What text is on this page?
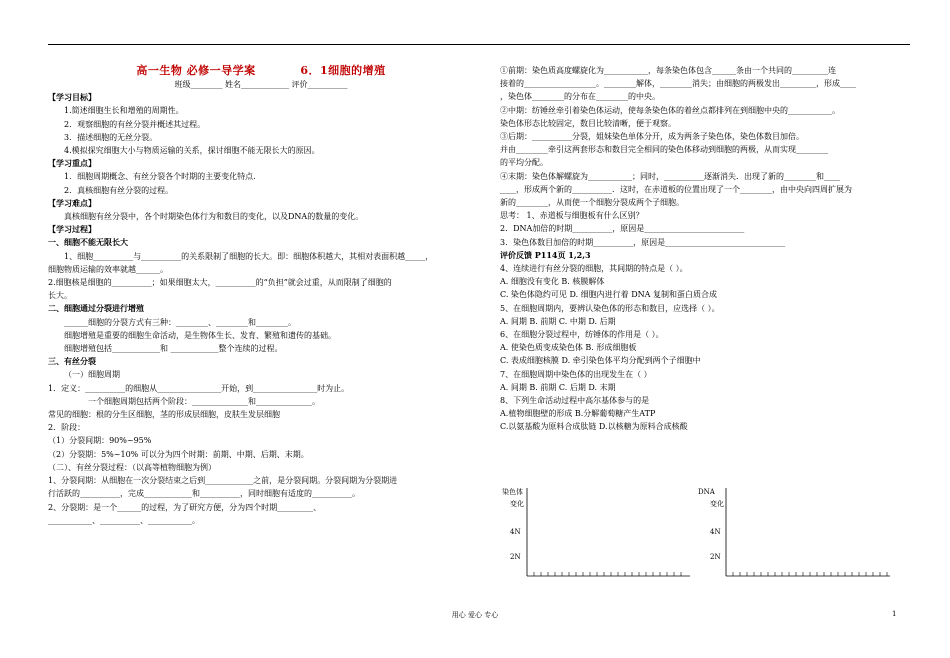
高一生物 必修一导学案	6．1细胞的增殖
班级________ 姓名____________ 评价__________
【学习目标】
1.简述细胞生长和增殖的周期性。
2．观察细胞的有丝分裂并概述其过程。
3．描述细胞的无丝分裂。
4.模拟探究细胞大小与物质运输的关系，探讨细胞不能无限长大的原因。
【学习重点】
1．细胞周期概念、有丝分裂各个时期的主要变化特点.
2．真核细胞有丝分裂的过程。
【学习难点】
真核细胞有丝分裂中，各个时期染色体行为和数目的变化，以及DNA的数量的变化。
【学习过程】
一、细胞不能无限长大
1、细胞__________与__________的关系限制了细胞的长大。即：细胞体积越大，其相对表面积越_____，
细胞物质运输的效率就越______。
2.细胞核是细胞的__________；如果细胞太大，__________的“负担”就会过重，从而限制了细胞的
长大。
二、细胞通过分裂进行增殖
______细胞的分裂方式有三种：________、________和________。
细胞增殖是重要的细胞生命活动，是生物体生长、发育、繁殖和遗传的基础。
细胞增殖包括____________和 ____________整个连续的过程。
三、有丝分裂
（一）细胞周期
1．定义：__________的细胞从________________开始，到________________时为止。
一个细胞周期包括两个阶段：______________和______________。
常见的细胞：根的分生区细胞，茎的形成层细胞，皮肤生发层细胞
2．阶段：
（1）分裂间期：90%~95%
（2）分裂期：5%~10% 可以分为四个时期：前期、中期、后期、末期。
（二）、有丝分裂过程：（以高等植物细胞为例）
1、分裂间期：从细胞在一次分裂结束之后到____________之前，是分裂间期。分裂间期为分裂期进
行活跃的__________，完成____________和__________，同时细胞有适度的__________。
2、分裂期：是一个______的过程，为了研究方便，分为四个时期_________、
___________、__________、___________。
①前期：染色质高度螺旋化为___________，每条染色体包含______条由一个共同的_________连
接着的__________________。________解体，________消失；由细胞的两极发出_________，形成____
，染色体________的分布在________的中央。
②中期：纺锤丝牵引着染色体运动，使每条染色体的着丝点都排列在到细胞中央的___________。
染色体形态比较固定，数目比较清晰，便于观察。
③后期：__________分裂，姐妹染色单体分开，成为两条子染色体，染色体数目加倍。
并由________牵引这两套形态和数目完全相同的染色体移动到细胞的两极，从而实现________
的平均分配。
④末期：染色体解螺旋为___________；同时，__________逐渐消失．出现了新的________和____
____，形成两个新的__________．这时，在赤道板的位置出现了一个________，由中央向四周扩展为
新的________，从而使一个细胞分裂成两个子细胞。
思考： 1、赤道板与细胞板有什么区别？
2．DNA加倍的时期__________，原因是_________________________
3．染色体数目加倍的时期__________，原因是______________________________
评价反馈 P114页 1,2,3
4、连续进行有丝分裂的细胞，其间期的特点是（ ）。
A. 细胞没有变化 B. 核膜解体
C. 染色体隐约可见 D. 细胞内进行着 DNA 复制和蛋白质合成
5、在细胞周期内，要辨认染色体的形态和数目，应选择（ ）。
A. 间期 B. 前期 C. 中期 D. 后期
6、在细胞分裂过程中，纺锤体的作用是（ ）。
A. 使染色质变成染色体 B. 形成细胞板
C. 表成细胞核膜 D. 牵引染色体平均分配到两个子细胞中
7、在细胞周期中染色体的出现发生在（ ）
A. 间期 B. 前期 C. 后期 D. 末期
8、下列生命活动过程中高尔基体参与的是
A.植物细胞壁的形成 B.分解葡萄糖产生ATP
C.以氨基酸为原料合成肽链 D.以核糖为原料合成核酸
染色体
变化
4N
2N
DNA
变化
4N
2N
用心 爱心 专心	1
